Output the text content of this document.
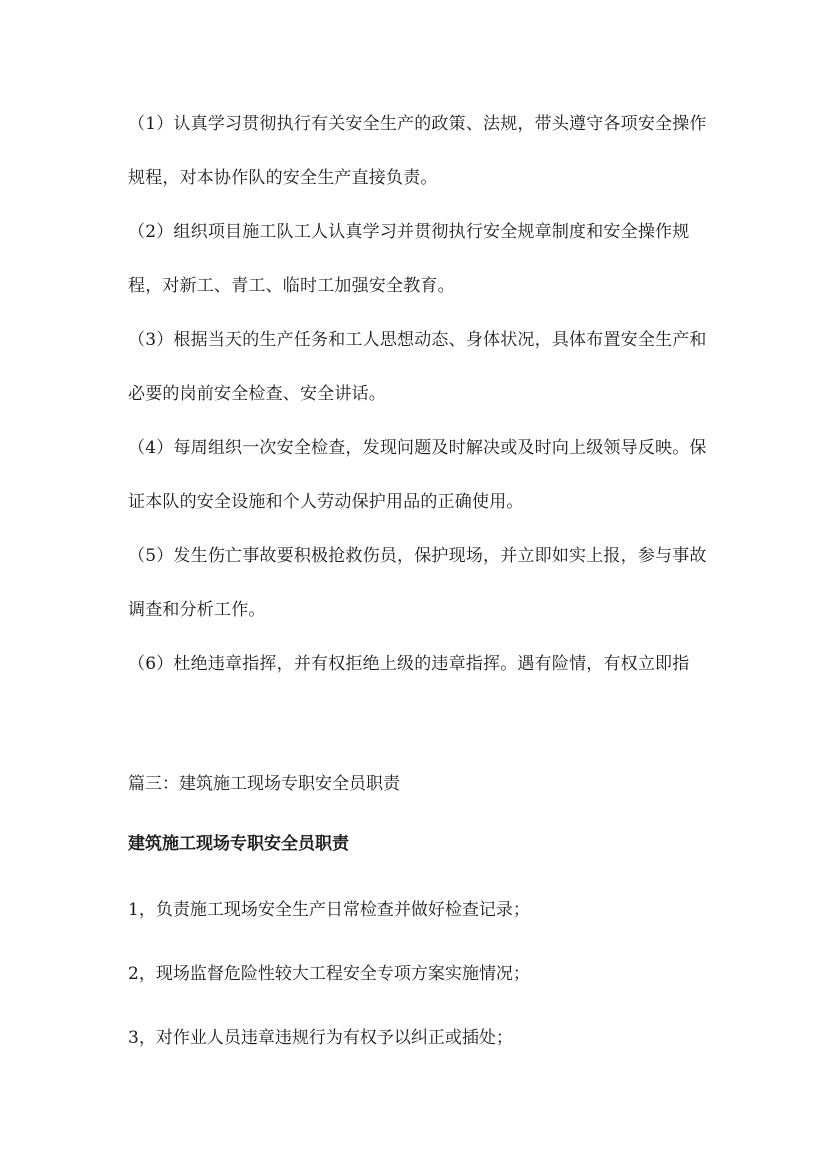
（1）认真学习贯彻执行有关安全生产的政策、法规，带头遵守各项安全操作规程，对本协作队的安全生产直接负责。

（2）组织项目施工队工人认真学习并贯彻执行安全规章制度和安全操作规程，对新工、青工、临时工加强安全教育。

（3）根据当天的生产任务和工人思想动态、身体状况，具体布置安全生产和必要的岗前安全检查、安全讲话。

（4）每周组织一次安全检查，发现问题及时解决或及时向上级领导反映。保证本队的安全设施和个人劳动保护用品的正确使用。

（5）发生伤亡事故要积极抢救伤员，保护现场，并立即如实上报，参与事故调查和分析工作。

（6）杜绝违章指挥，并有权拒绝上级的违章指挥。遇有险情，有权立即指

篇三：建筑施工现场专职安全员职责

建筑施工现场专职安全员职责

1，负责施工现场安全生产日常检查并做好检查记录；

2，现场监督危险性较大工程安全专项方案实施情况；

3，对作业人员违章违规行为有权予以纠正或插处；
